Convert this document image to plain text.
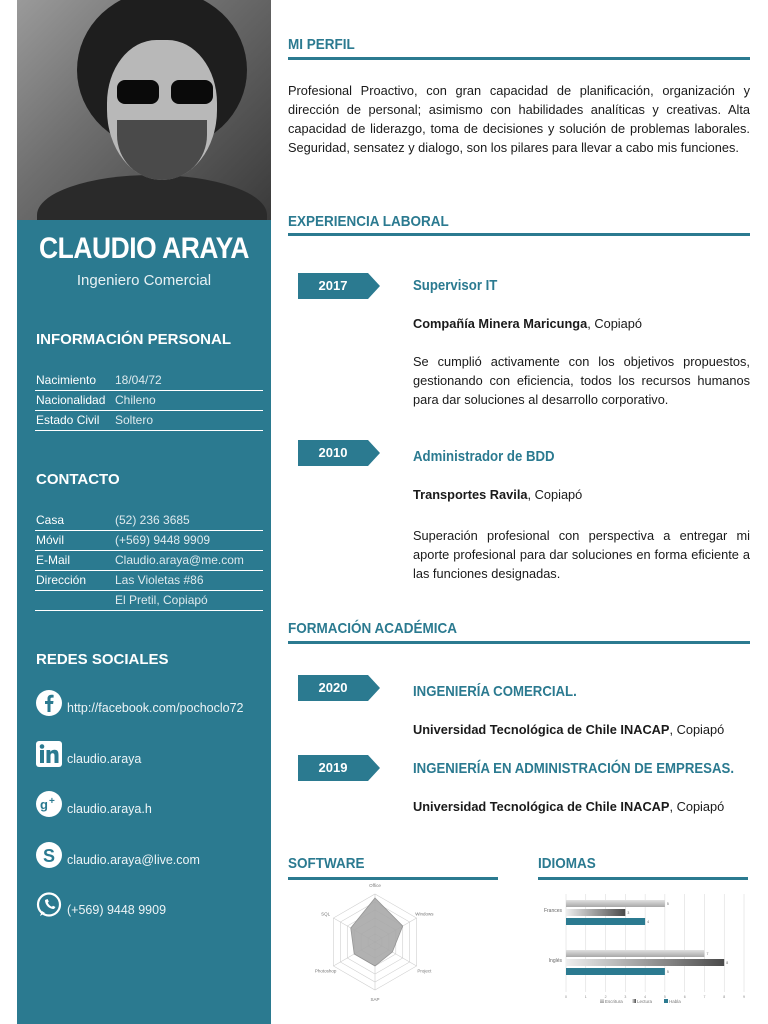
CLAUDIO ARAYA
Ingeniero Comercial
INFORMACIÓN PERSONAL
Nacimiento 18/04/72
Nacionalidad Chileno
Estado Civil Soltero
CONTACTO
Casa	(52) 236 3685
Móvil	(+569) 9448 9909
E-Mail	Claudio.araya@me.com
Dirección Las Violetas #86
El Pretil, Copiapó
REDES SOCIALES
http://facebook.com/pochoclo72
claudio.araya
g +
claudio.araya.h
S claudio.araya@live.com
(+569) 9448 9909
MI PERFIL
Profesional Proactivo, con gran capacidad de planificación, organización y dirección de personal; asimismo con habilidades analíticas y creativas. Alta capacidad de liderazgo, toma de decisiones y solución de problemas laborales. Seguridad, sensatez y dialogo, son los pilares para llevar a cabo mis funciones.
EXPERIENCIA LABORAL
2017	Supervisor IT
Compañía Minera Maricunga, Copiapó
Se cumplió activamente con los objetivos propuestos, gestionando con eficiencia, todos los recursos humanos para dar soluciones al desarrollo corporativo.
2010	Administrador de BDD
Transportes Ravila, Copiapó
Superación profesional con perspectiva a entregar mi aporte profesional para dar soluciones en forma eficiente a las funciones designadas.
FORMACIÓN ACADÉMICA
2020	INGENIERÍA COMERCIAL.
Universidad Tecnológica de Chile INACAP, Copiapó
2019	INGENIERÍA EN ADMINISTRACIÓN DE EMPRESAS.
Universidad Tecnológica de Chile INACAP, Copiapó
SOFTWARE
Office
Windows
Project
SAP
Photoshop
SQL
IDIOMAS
0	1	2	3	4	5	6	7	8	9
5
3
4
Frances
7
8
5
Inglés
Escritura	Lectura	Habla
